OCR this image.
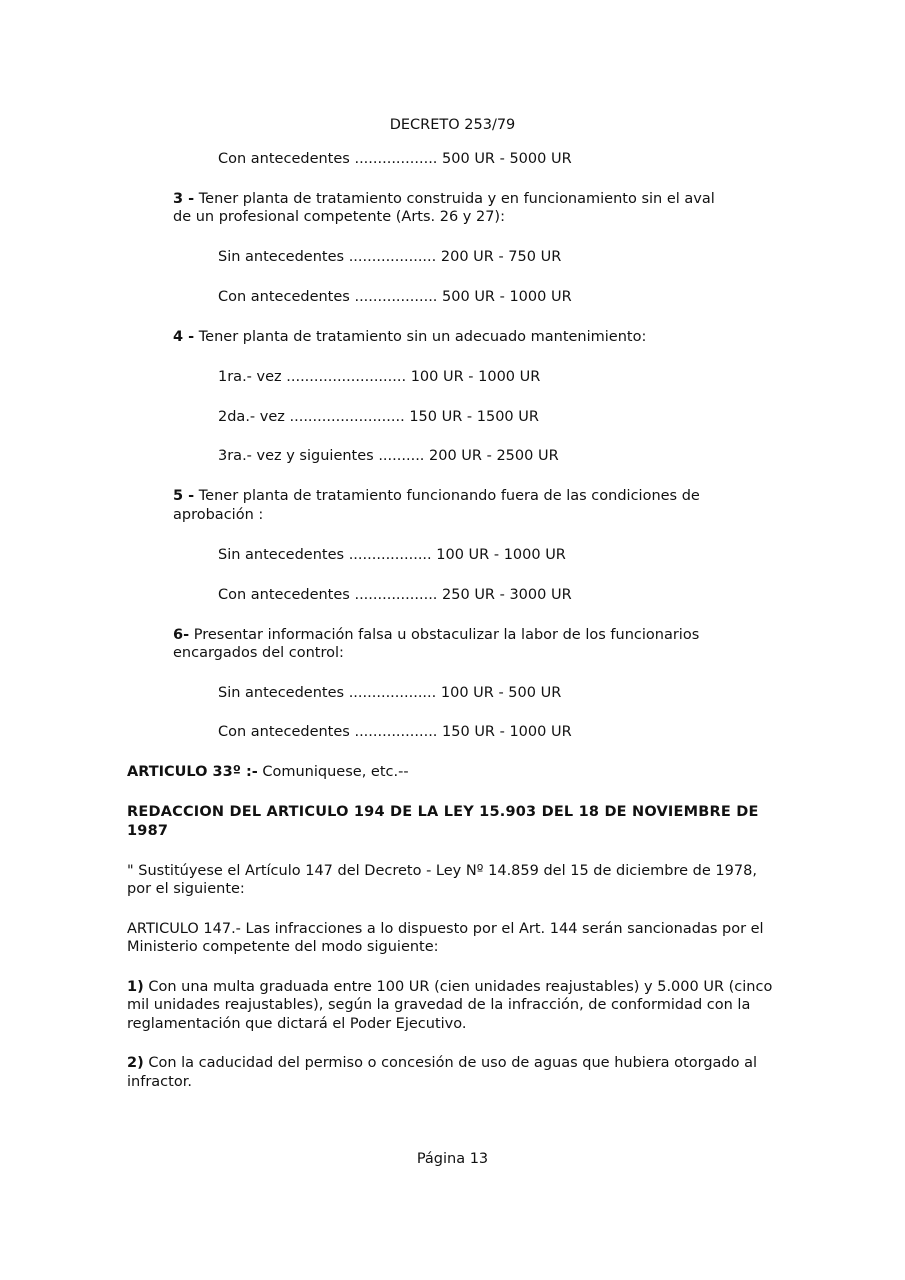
DECRETO 253/79
Con antecedentes .................. 500 UR - 5000 UR
3 - Tener planta de tratamiento construida y en funcionamiento sin el aval
de un profesional competente (Arts. 26 y 27):
Sin antecedentes ................... 200 UR - 750 UR
Con antecedentes .................. 500 UR - 1000 UR
4 - Tener planta de tratamiento sin un adecuado mantenimiento:
1ra.- vez .......................... 100 UR - 1000 UR
2da.- vez ......................... 150 UR - 1500 UR
3ra.- vez y siguientes .......... 200 UR - 2500 UR
5 - Tener planta de tratamiento funcionando fuera de las condiciones de
aprobación :
Sin antecedentes .................. 100 UR - 1000 UR
Con antecedentes .................. 250 UR - 3000 UR
6- Presentar información falsa u obstaculizar la labor de los funcionarios
encargados del control:
Sin antecedentes ................... 100 UR - 500 UR
Con antecedentes .................. 150 UR - 1000 UR
ARTICULO 33º :- Comuniquese, etc.--
REDACCION DEL ARTICULO 194 DE LA LEY 15.903 DEL 18 DE NOVIEMBRE DE
1987
" Sustitúyese el Artículo 147 del Decreto - Ley Nº 14.859 del 15 de diciembre de 1978,
por el siguiente:
ARTICULO 147.- Las infracciones a lo dispuesto por el Art. 144 serán sancionadas por el
Ministerio competente del modo siguiente:
1) Con una multa graduada entre 100 UR (cien unidades reajustables) y 5.000 UR (cinco
mil unidades reajustables), según la gravedad de la infracción, de conformidad con la
reglamentación que dictará el Poder Ejecutivo.
2) Con la caducidad del permiso o concesión de uso de aguas que hubiera otorgado al
infractor.
Página 13
